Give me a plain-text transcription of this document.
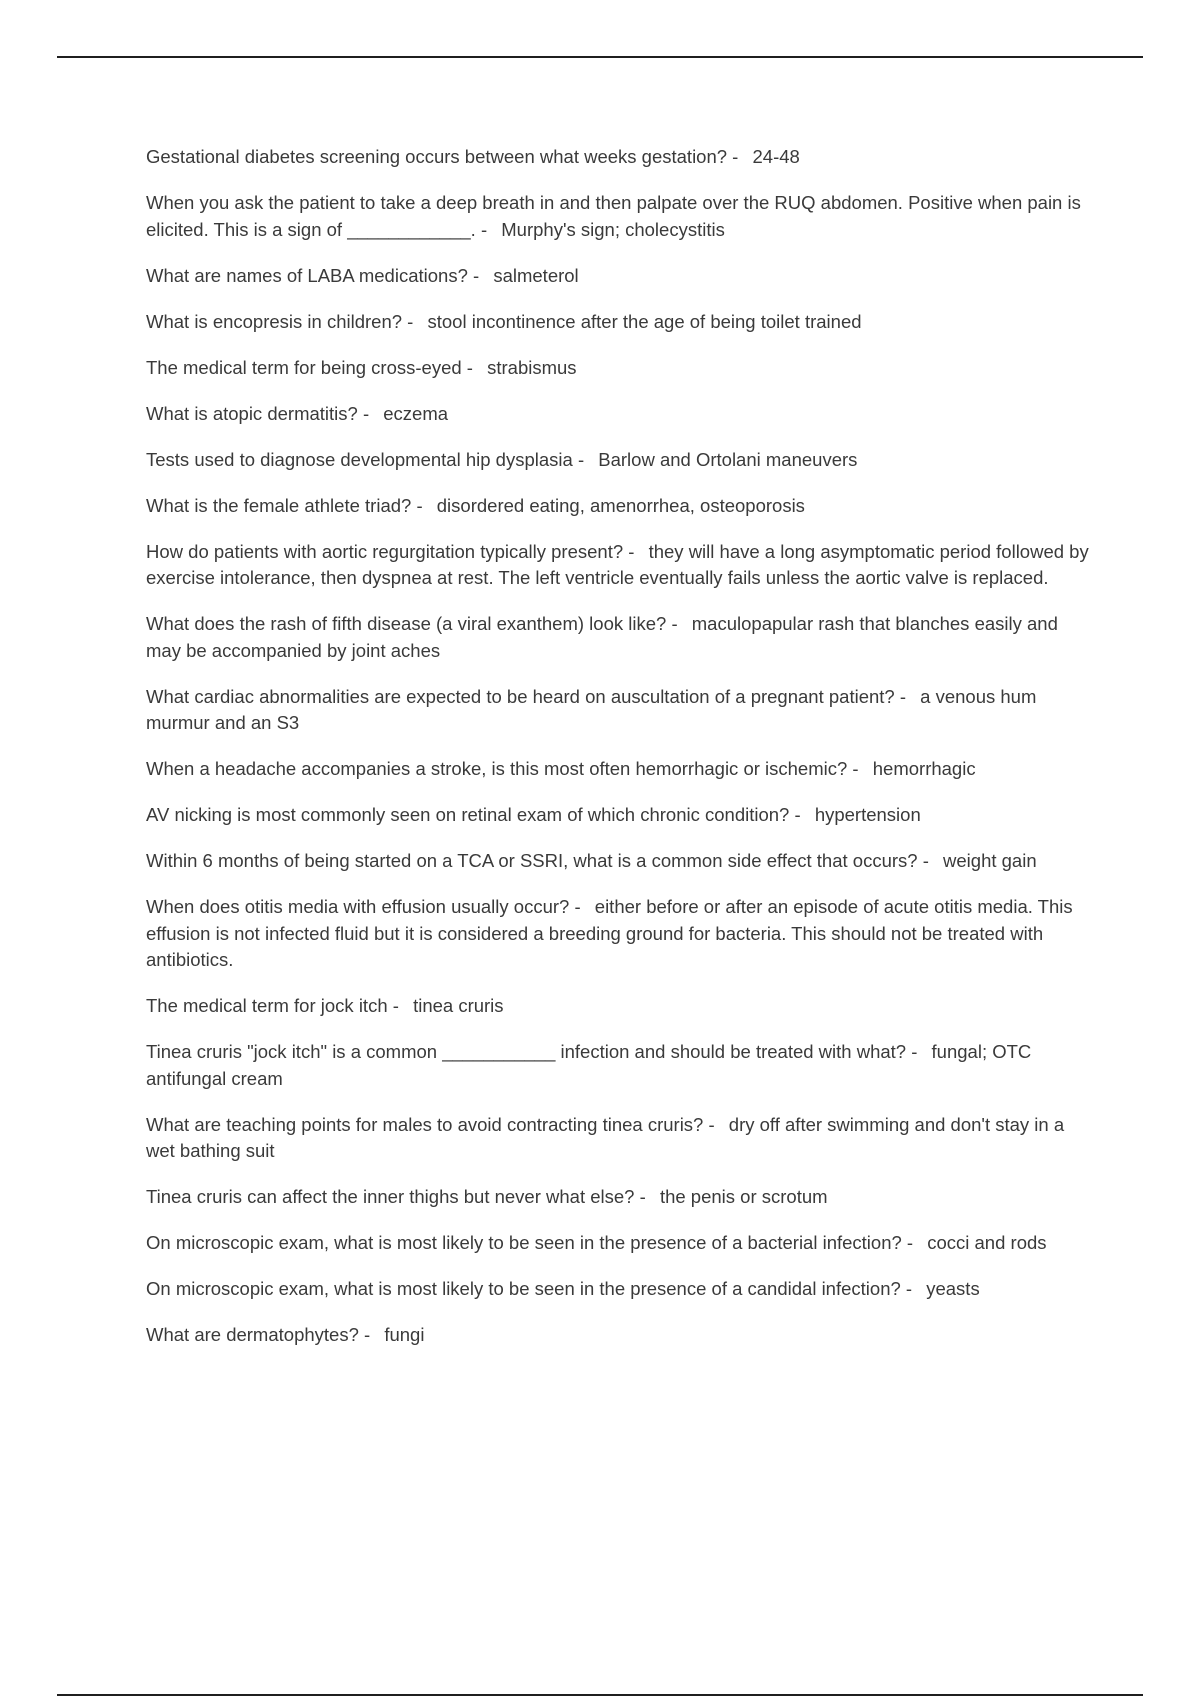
Gestational diabetes screening occurs between what weeks gestation? - 24-48
When you ask the patient to take a deep breath in and then palpate over the RUQ abdomen. Positive when pain is elicited. This is a sign of ____________. - Murphy's sign; cholecystitis
What are names of LABA medications? - salmeterol
What is encopresis in children? - stool incontinence after the age of being toilet trained
The medical term for being cross-eyed - strabismus
What is atopic dermatitis? - eczema
Tests used to diagnose developmental hip dysplasia - Barlow and Ortolani maneuvers
What is the female athlete triad? - disordered eating, amenorrhea, osteoporosis
How do patients with aortic regurgitation typically present? - they will have a long asymptomatic period followed by exercise intolerance, then dyspnea at rest. The left ventricle eventually fails unless the aortic valve is replaced.
What does the rash of fifth disease (a viral exanthem) look like? - maculopapular rash that blanches easily and may be accompanied by joint aches
What cardiac abnormalities are expected to be heard on auscultation of a pregnant patient? - a venous hum murmur and an S3
When a headache accompanies a stroke, is this most often hemorrhagic or ischemic? - hemorrhagic
AV nicking is most commonly seen on retinal exam of which chronic condition? - hypertension
Within 6 months of being started on a TCA or SSRI, what is a common side effect that occurs? - weight gain
When does otitis media with effusion usually occur? - either before or after an episode of acute otitis media. This effusion is not infected fluid but it is considered a breeding ground for bacteria. This should not be treated with antibiotics.
The medical term for jock itch - tinea cruris
Tinea cruris "jock itch" is a common ___________ infection and should be treated with what? - fungal; OTC antifungal cream
What are teaching points for males to avoid contracting tinea cruris? - dry off after swimming and don't stay in a wet bathing suit
Tinea cruris can affect the inner thighs but never what else? - the penis or scrotum
On microscopic exam, what is most likely to be seen in the presence of a bacterial infection? - cocci and rods
On microscopic exam, what is most likely to be seen in the presence of a candidal infection? - yeasts
What are dermatophytes? - fungi
